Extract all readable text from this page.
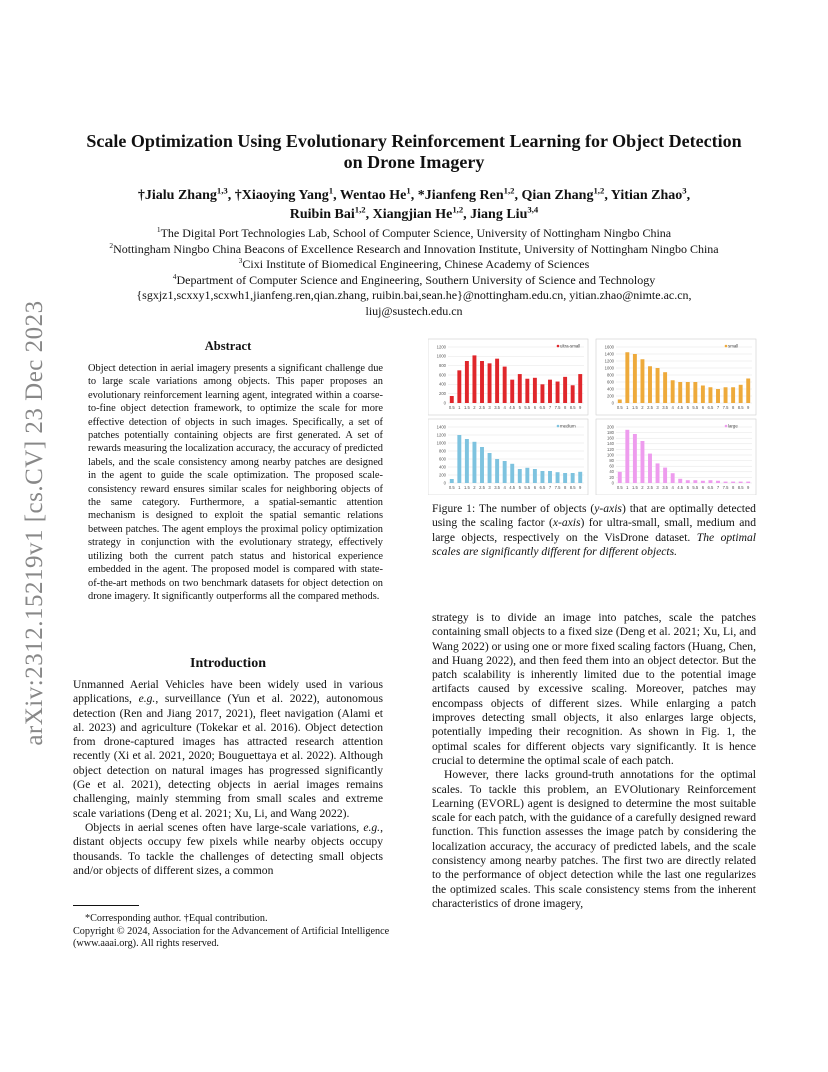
arXiv:2312.15219v1 [cs.CV] 23 Dec 2023
Scale Optimization Using Evolutionary Reinforcement Learning for Object Detection on Drone Imagery
†Jialu Zhang$^{1,3}$, †Xiaoying Yang$^1$, Wentao He$^1$, *Jianfeng Ren$^{1,2}$, Qian Zhang$^{1,2}$, Yitian Zhao$^3$,
Ruibin Bai$^{1,2}$, Xiangjian He$^{1,2}$, Jiang Liu$^{3,4}$
$^1$The Digital Port Technologies Lab, School of Computer Science, University of Nottingham Ningbo China
$^2$Nottingham Ningbo China Beacons of Excellence Research and Innovation Institute, University of Nottingham Ningbo China
$^3$Cixi Institute of Biomedical Engineering, Chinese Academy of Sciences
$^4$Department of Computer Science and Engineering, Southern University of Science and Technology
{sgxjz1,scxxy1,scxwh1,jianfeng.ren,qian.zhang, ruibin.bai,sean.he}@nottingham.edu.cn, yitian.zhao@nimte.ac.cn,
liuj@sustech.edu.cn
Abstract
Object detection in aerial imagery presents a significant challenge due to large scale variations among objects. This paper proposes an evolutionary reinforcement learning agent, integrated within a coarse-to-fine object detection framework, to optimize the scale for more effective detection of objects in such images. Specifically, a set of patches potentially containing objects are first generated. A set of rewards measuring the localization accuracy, the accuracy of predicted labels, and the scale consistency among nearby patches are designed in the agent to guide the scale optimization. The proposed scale-consistency reward ensures similar scales for neighboring objects of the same category. Furthermore, a spatial-semantic attention mechanism is designed to exploit the spatial semantic relations between patches. The agent employs the proximal policy optimization strategy in conjunction with the evolutionary strategy, effectively utilizing both the current patch status and historical experience embedded in the agent. The proposed model is compared with state-of-the-art methods on two benchmark datasets for object detection on drone imagery. It significantly outperforms all the compared methods.
Introduction

Unmanned Aerial Vehicles have been widely used in various applications, e.g., surveillance (Yun et al. 2022), autonomous detection (Ren and Jiang 2017, 2021), fleet navigation (Alami et al. 2023) and agriculture (Tokekar et al. 2016). Object detection from drone-captured images has attracted research attention recently (Xi et al. 2021, 2020; Bouguettaya et al. 2022). Although object detection on natural images has progressed significantly (Ge et al. 2021), detecting objects in aerial images remains challenging, mainly stemming from small scales and extreme scale variations (Deng et al. 2021; Xu, Li, and Wang 2022).

Objects in aerial scenes often have large-scale variations, e.g., distant objects occupy few pixels while nearby objects occupy thousands. To tackle the challenges of detecting small objects and/or objects of different sizes, a common

*Corresponding author. †Equal contribution.
Copyright © 2024, Association for the Advancement of Artificial Intelligence (www.aaai.org). All rights reserved.
0
200
400
600
800
1000
1200
0.5 1 1.5 2 2.5 3 3.5 4 4.5 5 5.5 6 6.5 7 7.5 8 8.5 9
ultra-small
0
200
400
600
800
1000
1200
1400
1600
0.5 1 1.5 2 2.5 3 3.5 4 4.5 5 5.5 6 6.5 7 7.5 8 8.5 9
small
0
200
400
600
800
1000
1200
1400
0.5 1 1.5 2 2.5 3 3.5 4 4.5 5 5.5 6 6.5 7 7.5 8 8.5 9
medium
0
20
40
60
80
100
120
140
160
180
200
0.5 1 1.5 2 2.5 3 3.5 4 4.5 5 5.5 6 6.5 7 7.5 8 8.5 9
large
Figure 1: The number of objects (y-axis) that are optimally detected using the scaling factor (x-axis) for ultra-small, small, medium and large objects, respectively on the VisDrone dataset. The optimal scales are significantly different for different objects.

strategy is to divide an image into patches, scale the patches containing small objects to a fixed size (Deng et al. 2021; Xu, Li, and Wang 2022) or using one or more fixed scaling factors (Huang, Chen, and Huang 2022), and then feed them into an object detector. But the patch scalability is inherently limited due to the potential image artifacts caused by excessive scaling. Moreover, patches may encompass objects of different sizes. While enlarging a patch improves detecting small objects, it also enlarges large objects, potentially impeding their recognition. As shown in Fig. 1, the optimal scales for different objects vary significantly. It is hence crucial to determine the optimal scale of each patch.

However, there lacks ground-truth annotations for the optimal scales. To tackle this problem, an EVOlutionary Reinforcement Learning (EVORL) agent is designed to determine the most suitable scale for each patch, with the guidance of a carefully designed reward function. This function assesses the image patch by considering the localization accuracy, the accuracy of predicted labels, and the scale consistency among nearby patches. The first two are directly related to the performance of object detection while the last one regularizes the optimized scales. This scale consistency stems from the inherent characteristics of drone imagery,
